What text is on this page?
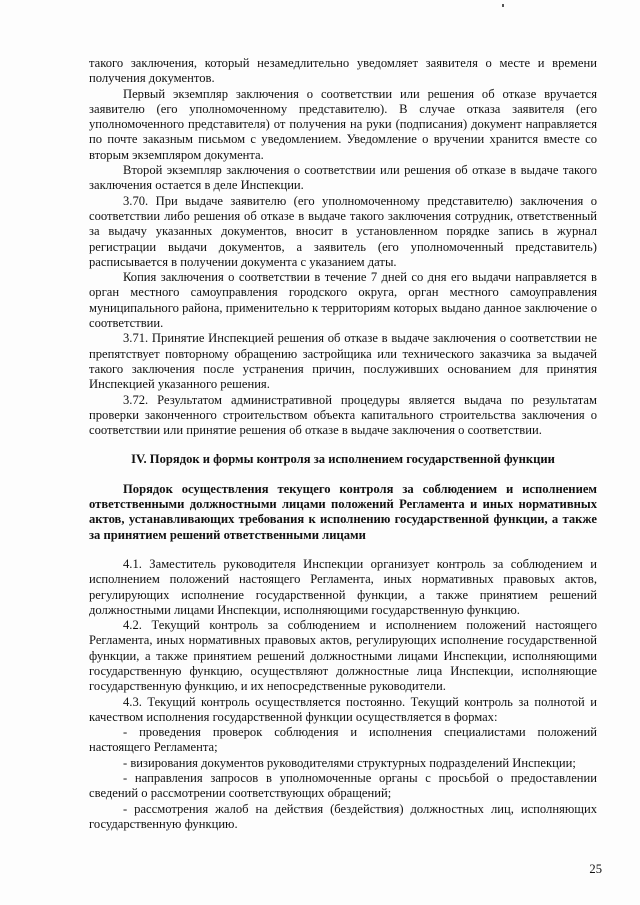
такого заключения, который незамедлительно уведомляет заявителя о месте и времени получения документов.

Первый экземпляр заключения о соответствии или решения об отказе вручается заявителю (его уполномоченному представителю). В случае отказа заявителя (его уполномоченного представителя) от получения на руки (подписания) документ направляется по почте заказным письмом с уведомлением. Уведомление о вручении хранится вместе со вторым экземпляром документа.

Второй экземпляр заключения о соответствии или решения об отказе в выдаче такого заключения остается в деле Инспекции.

3.70. При выдаче заявителю (его уполномоченному представителю) заключения о соответствии либо решения об отказе в выдаче такого заключения сотрудник, ответственный за выдачу указанных документов, вносит в установленном порядке запись в журнал регистрации выдачи документов, а заявитель (его уполномоченный представитель) расписывается в получении документа с указанием даты.

Копия заключения о соответствии в течение 7 дней со дня его выдачи направляется в орган местного самоуправления городского округа, орган местного самоуправления муниципального района, применительно к территориям которых выдано данное заключение о соответствии.

3.71. Принятие Инспекцией решения об отказе в выдаче заключения о соответствии не препятствует повторному обращению застройщика или технического заказчика за выдачей такого заключения после устранения причин, послуживших основанием для принятия Инспекцией указанного решения.

3.72. Результатом административной процедуры является выдача по результатам проверки законченного строительством объекта капитального строительства заключения о соответствии или принятие решения об отказе в выдаче заключения о соответствии.

IV. Порядок и формы контроля за исполнением государственной функции

Порядок осуществления текущего контроля за соблюдением и исполнением ответственными должностными лицами положений Регламента и иных нормативных актов, устанавливающих требования к исполнению государственной функции, а также за принятием решений ответственными лицами

4.1. Заместитель руководителя Инспекции организует контроль за соблюдением и исполнением положений настоящего Регламента, иных нормативных правовых актов, регулирующих исполнение государственной функции, а также принятием решений должностными лицами Инспекции, исполняющими государственную функцию.

4.2. Текущий контроль за соблюдением и исполнением положений настоящего Регламента, иных нормативных правовых актов, регулирующих исполнение государственной функции, а также принятием решений должностными лицами Инспекции, исполняющими государственную функцию, осуществляют должностные лица Инспекции, исполняющие государственную функцию, и их непосредственные руководители.

4.3. Текущий контроль осуществляется постоянно. Текущий контроль за полнотой и качеством исполнения государственной функции осуществляется в формах:

- проведения проверок соблюдения и исполнения специалистами положений настоящего Регламента;

- визирования документов руководителями структурных подразделений Инспекции;

- направления запросов в уполномоченные органы с просьбой о предоставлении сведений о рассмотрении соответствующих обращений;

- рассмотрения жалоб на действия (бездействия) должностных лиц, исполняющих государственную функцию.

25
